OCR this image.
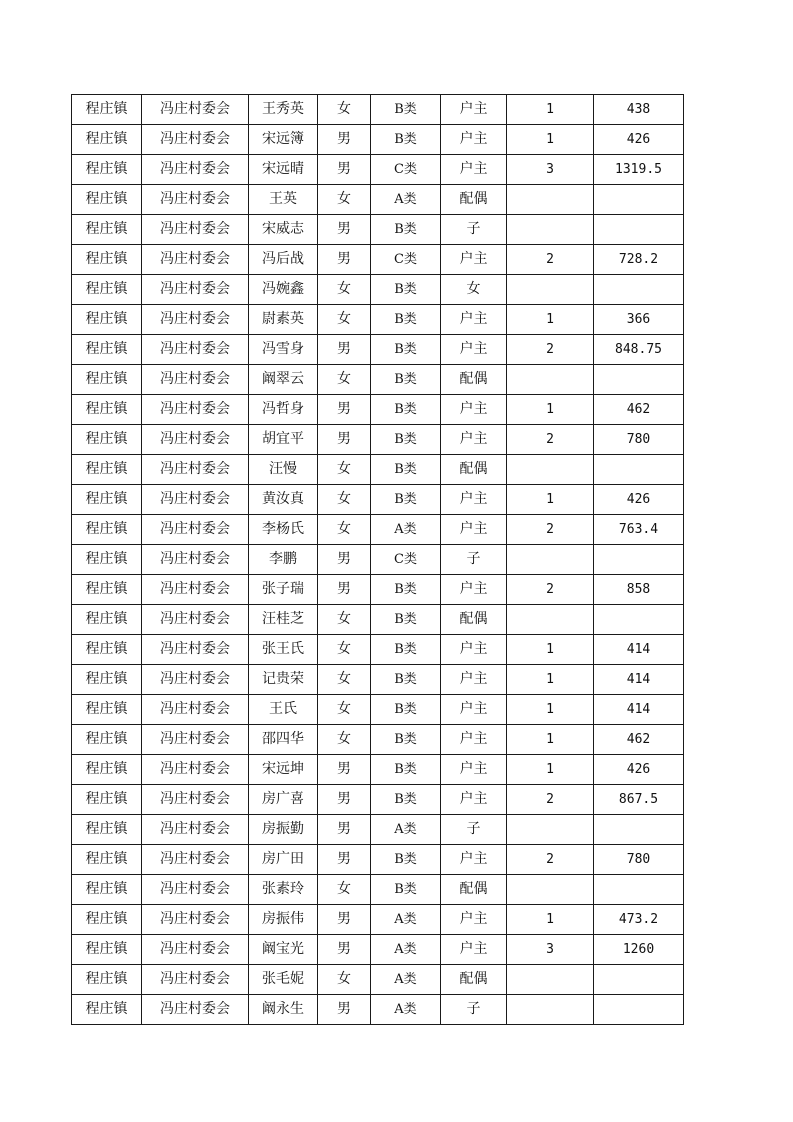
程庄镇	冯庄村委会	王秀英	女	B类	户主	1	438
程庄镇	冯庄村委会	宋远簿	男	B类	户主	1	426
程庄镇	冯庄村委会	宋远晴	男	C类	户主	3	1319.5
程庄镇	冯庄村委会	王英	女	A类	配偶		
程庄镇	冯庄村委会	宋威志	男	B类	子		
程庄镇	冯庄村委会	冯后战	男	C类	户主	2	728.2
程庄镇	冯庄村委会	冯婉鑫	女	B类	女		
程庄镇	冯庄村委会	尉素英	女	B类	户主	1	366
程庄镇	冯庄村委会	冯雪身	男	B类	户主	2	848.75
程庄镇	冯庄村委会	阚翠云	女	B类	配偶		
程庄镇	冯庄村委会	冯哲身	男	B类	户主	1	462
程庄镇	冯庄村委会	胡宜平	男	B类	户主	2	780
程庄镇	冯庄村委会	汪慢	女	B类	配偶		
程庄镇	冯庄村委会	黄汝真	女	B类	户主	1	426
程庄镇	冯庄村委会	李杨氏	女	A类	户主	2	763.4
程庄镇	冯庄村委会	李鹏	男	C类	子		
程庄镇	冯庄村委会	张子瑞	男	B类	户主	2	858
程庄镇	冯庄村委会	汪桂芝	女	B类	配偶		
程庄镇	冯庄村委会	张王氏	女	B类	户主	1	414
程庄镇	冯庄村委会	记贵荣	女	B类	户主	1	414
程庄镇	冯庄村委会	王氏	女	B类	户主	1	414
程庄镇	冯庄村委会	邵四华	女	B类	户主	1	462
程庄镇	冯庄村委会	宋远坤	男	B类	户主	1	426
程庄镇	冯庄村委会	房广喜	男	B类	户主	2	867.5
程庄镇	冯庄村委会	房振勤	男	A类	子		
程庄镇	冯庄村委会	房广田	男	B类	户主	2	780
程庄镇	冯庄村委会	张素玲	女	B类	配偶		
程庄镇	冯庄村委会	房振伟	男	A类	户主	1	473.2
程庄镇	冯庄村委会	阚宝光	男	A类	户主	3	1260
程庄镇	冯庄村委会	张毛妮	女	A类	配偶		
程庄镇	冯庄村委会	阚永生	男	A类	子		
